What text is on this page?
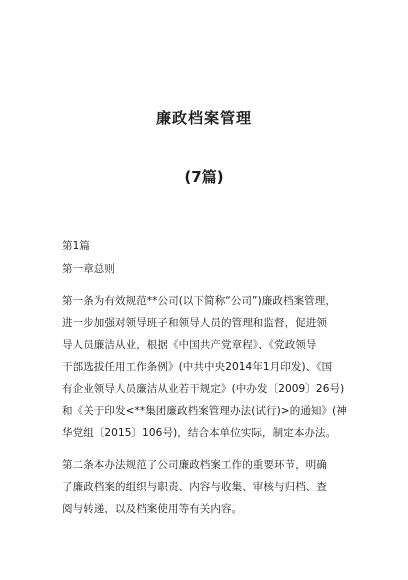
廉政档案管理
(7篇)
第1篇
第一章总则
第一条为有效规范**公司(以下简称“公司”)廉政档案管理，
进一步加强对领导班子和领导人员的管理和监督，促进领
导人员廉洁从业，根据《中国共产党章程》、《党政领导
干部选拔任用工作条例》(中共中央2014年1月印发)、《国
有企业领导人员廉洁从业若干规定》(中办发〔2009〕26号)
和《关于印发<**集团廉政档案管理办法(试行)>的通知》(神
华党组〔2015〕106号)，结合本单位实际，制定本办法。
第二条本办法规范了公司廉政档案工作的重要环节，明确
了廉政档案的组织与职责、内容与收集、审核与归档、查
阅与转递，以及档案使用等有关内容。
